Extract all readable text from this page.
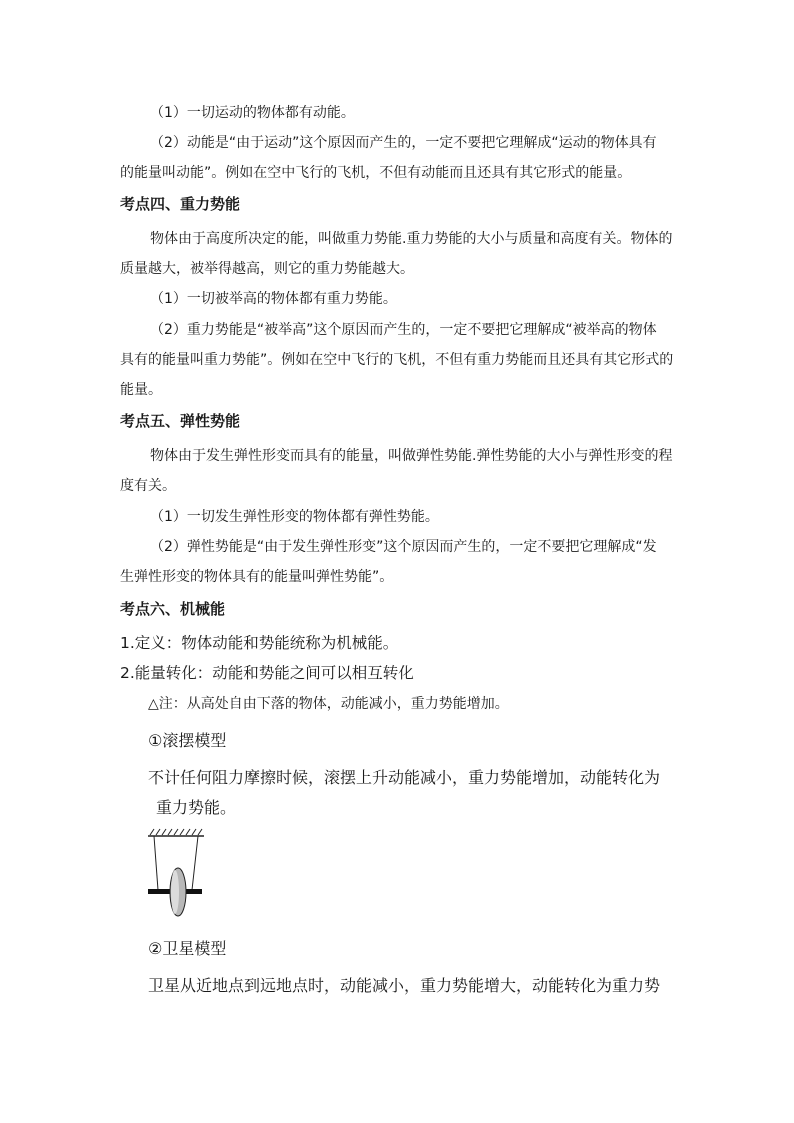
（1）一切运动的物体都有动能。
（2）动能是“由于运动”这个原因而产生的，一定不要把它理解成“运动的物体具有
的能量叫动能”。例如在空中飞行的飞机，不但有动能而且还具有其它形式的能量。
考点四、重力势能
物体由于高度所决定的能，叫做重力势能.重力势能的大小与质量和高度有关。物体的
质量越大，被举得越高，则它的重力势能越大。
（1）一切被举高的物体都有重力势能。
（2）重力势能是“被举高”这个原因而产生的，一定不要把它理解成“被举高的物体
具有的能量叫重力势能”。例如在空中飞行的飞机，不但有重力势能而且还具有其它形式的
能量。
考点五、弹性势能
物体由于发生弹性形变而具有的能量，叫做弹性势能.弹性势能的大小与弹性形变的程
度有关。
（1）一切发生弹性形变的物体都有弹性势能。
（2）弹性势能是“由于发生弹性形变”这个原因而产生的，一定不要把它理解成“发
生弹性形变的物体具有的能量叫弹性势能”。
考点六、机械能
1.定义：物体动能和势能统称为机械能。
2.能量转化：动能和势能之间可以相互转化
△注：从高处自由下落的物体，动能减小，重力势能增加。
①滚摆模型
不计任何阻力摩擦时候，滚摆上升动能减小，重力势能增加，动能转化为
重力势能。
②卫星模型
卫星从近地点到远地点时，动能减小，重力势能增大，动能转化为重力势
